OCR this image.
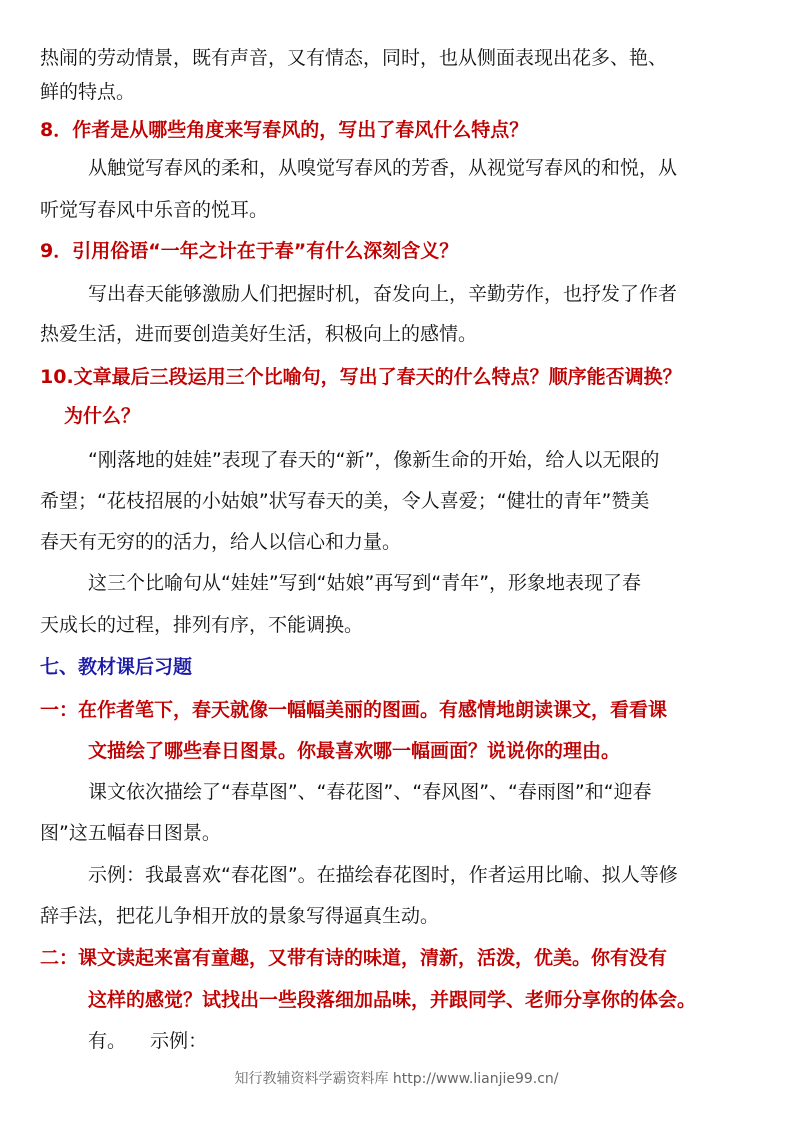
热闹的劳动情景，既有声音，又有情态，同时，也从侧面表现出花多、艳、
鲜的特点。
8．作者是从哪些角度来写春风的，写出了春风什么特点？
从触觉写春风的柔和，从嗅觉写春风的芳香，从视觉写春风的和悦，从
听觉写春风中乐音的悦耳。
9．引用俗语“一年之计在于春”有什么深刻含义？
写出春天能够激励人们把握时机，奋发向上，辛勤劳作，也抒发了作者
热爱生活，进而要创造美好生活，积极向上的感情。
10.文章最后三段运用三个比喻句，写出了春天的什么特点？顺序能否调换？
为什么？
“刚落地的娃娃”表现了春天的“新”，像新生命的开始，给人以无限的
希望；“花枝招展的小姑娘”状写春天的美，令人喜爱；“健壮的青年”赞美
春天有无穷的的活力，给人以信心和力量。
这三个比喻句从“娃娃”写到“姑娘”再写到“青年”，形象地表现了春
天成长的过程，排列有序，不能调换。
七、教材课后习题
一：在作者笔下，春天就像一幅幅美丽的图画。有感情地朗读课文，看看课
文描绘了哪些春日图景。你最喜欢哪一幅画面？说说你的理由。
课文依次描绘了“春草图”、“春花图”、“春风图”、“春雨图”和“迎春
图”这五幅春日图景。
示例：我最喜欢“春花图”。在描绘春花图时，作者运用比喻、拟人等修
辞手法，把花儿争相开放的景象写得逼真生动。
二：课文读起来富有童趣，又带有诗的味道，清新，活泼，优美。你有没有
这样的感觉？试找出一些段落细加品味，并跟同学、老师分享你的体会。
有。    示例：
知行教辅资料学霸资料库 http://www.lianjie99.cn/
